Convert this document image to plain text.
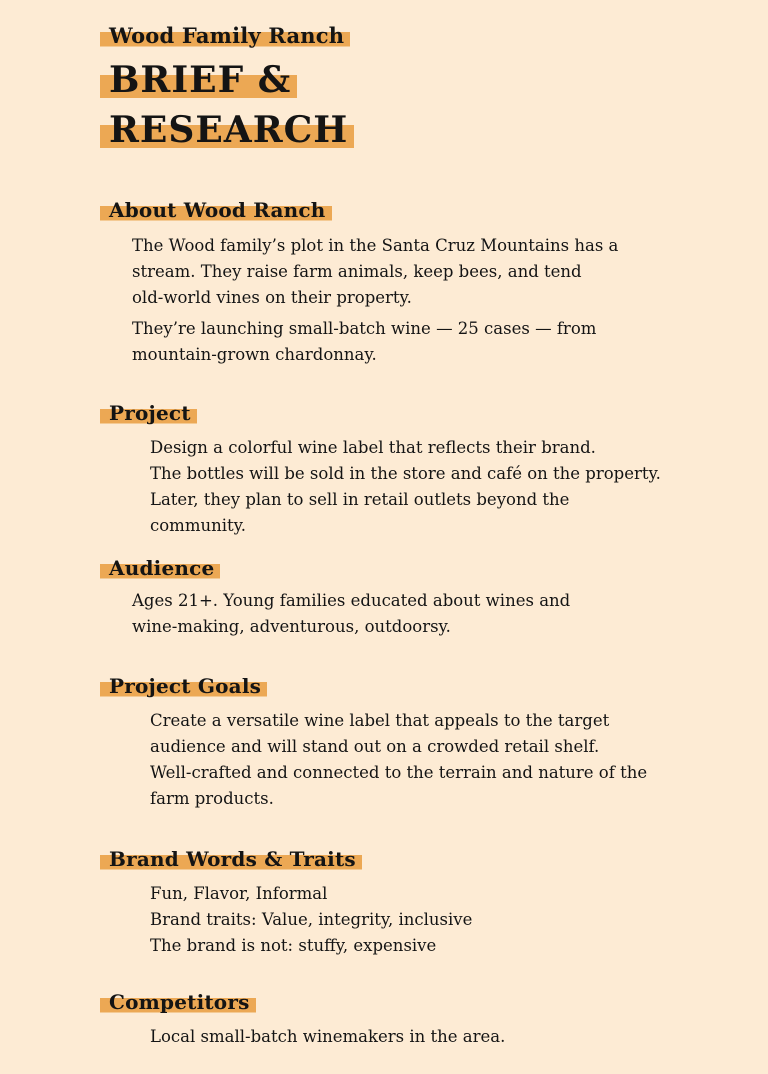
Wood Family Ranch
BRIEF &
RESEARCH
About Wood Ranch

The Wood family’s plot in the Santa Cruz Mountains has a

stream. They raise farm animals, keep bees, and tend

old-world vines on their property.

They’re launching small-batch wine — 25 cases — from

mountain-grown chardonnay.

Project

Design a colorful wine label that reflects their brand.

The bottles will be sold in the store and café on the property.

Later, they plan to sell in retail outlets beyond the

community.

Audience

Ages 21+. Young families educated about wines and

wine-making, adventurous, outdoorsy.

Project Goals

Create a versatile wine label that appeals to the target

audience and will stand out on a crowded retail shelf.

Well-crafted and connected to the terrain and nature of the

farm products.

Brand Words & Traits

Fun, Flavor, Informal

Brand traits: Value, integrity, inclusive

The brand is not: stuffy, expensive

Competitors

Local small-batch winemakers in the area.
